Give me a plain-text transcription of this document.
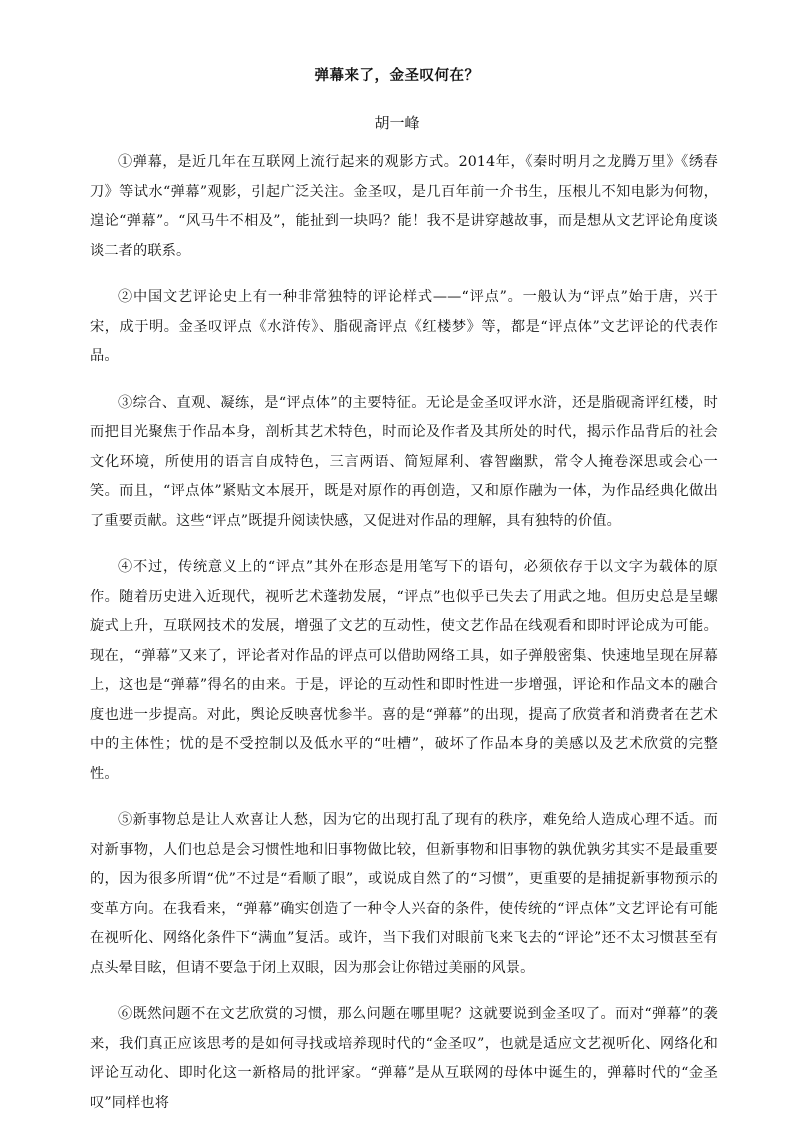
弹幕来了，金圣叹何在？
胡一峰

①弹幕，是近几年在互联网上流行起来的观影方式。2014年，《秦时明月之龙腾万里》《绣春刀》等试水“弹幕”观影，引起广泛关注。金圣叹，是几百年前一介书生，压根儿不知电影为何物，遑论“弹幕”。“风马牛不相及”，能扯到一块吗？能！我不是讲穿越故事，而是想从文艺评论角度谈谈二者的联系。

②中国文艺评论史上有一种非常独特的评论样式——“评点”。一般认为“评点”始于唐，兴于宋，成于明。金圣叹评点《水浒传》、脂砚斋评点《红楼梦》等，都是“评点体”文艺评论的代表作品。

③综合、直观、凝练，是“评点体”的主要特征。无论是金圣叹评水浒，还是脂砚斋评红楼，时而把目光聚焦于作品本身，剖析其艺术特色，时而论及作者及其所处的时代，揭示作品背后的社会文化环境，所使用的语言自成特色，三言两语、简短犀利、睿智幽默，常令人掩卷深思或会心一笑。而且，“评点体”紧贴文本展开，既是对原作的再创造，又和原作融为一体，为作品经典化做出了重要贡献。这些“评点”既提升阅读快感，又促进对作品的理解，具有独特的价值。

④不过，传统意义上的“评点”其外在形态是用笔写下的语句，必须依存于以文字为载体的原作。随着历史进入近现代，视听艺术蓬勃发展，“评点”也似乎已失去了用武之地。但历史总是呈螺旋式上升，互联网技术的发展，增强了文艺的互动性，使文艺作品在线观看和即时评论成为可能。现在，“弹幕”又来了，评论者对作品的评点可以借助网络工具，如子弹般密集、快速地呈现在屏幕上，这也是“弹幕”得名的由来。于是，评论的互动性和即时性进一步增强，评论和作品文本的融合度也进一步提高。对此，舆论反映喜忧参半。喜的是“弹幕”的出现，提高了欣赏者和消费者在艺术中的主体性；忧的是不受控制以及低水平的“吐槽”，破坏了作品本身的美感以及艺术欣赏的完整性。

⑤新事物总是让人欢喜让人愁，因为它的出现打乱了现有的秩序，难免给人造成心理不适。而对新事物，人们也总是会习惯性地和旧事物做比较，但新事物和旧事物的孰优孰劣其实不是最重要的，因为很多所谓“优”不过是“看顺了眼”，或说成自然了的“习惯”，更重要的是捕捉新事物预示的变革方向。在我看来，“弹幕”确实创造了一种令人兴奋的条件，使传统的“评点体”文艺评论有可能在视听化、网络化条件下“满血”复活。或许，当下我们对眼前飞来飞去的“评论”还不太习惯甚至有点头晕目眩，但请不要急于闭上双眼，因为那会让你错过美丽的风景。

⑥既然问题不在文艺欣赏的习惯，那么问题在哪里呢？这就要说到金圣叹了。而对“弹幕”的袭来，我们真正应该思考的是如何寻找或培养现时代的“金圣叹”，也就是适应文艺视听化、网络化和评论互动化、即时化这一新格局的批评家。“弹幕”是从互联网的母体中诞生的，弹幕时代的“金圣叹”同样也将
